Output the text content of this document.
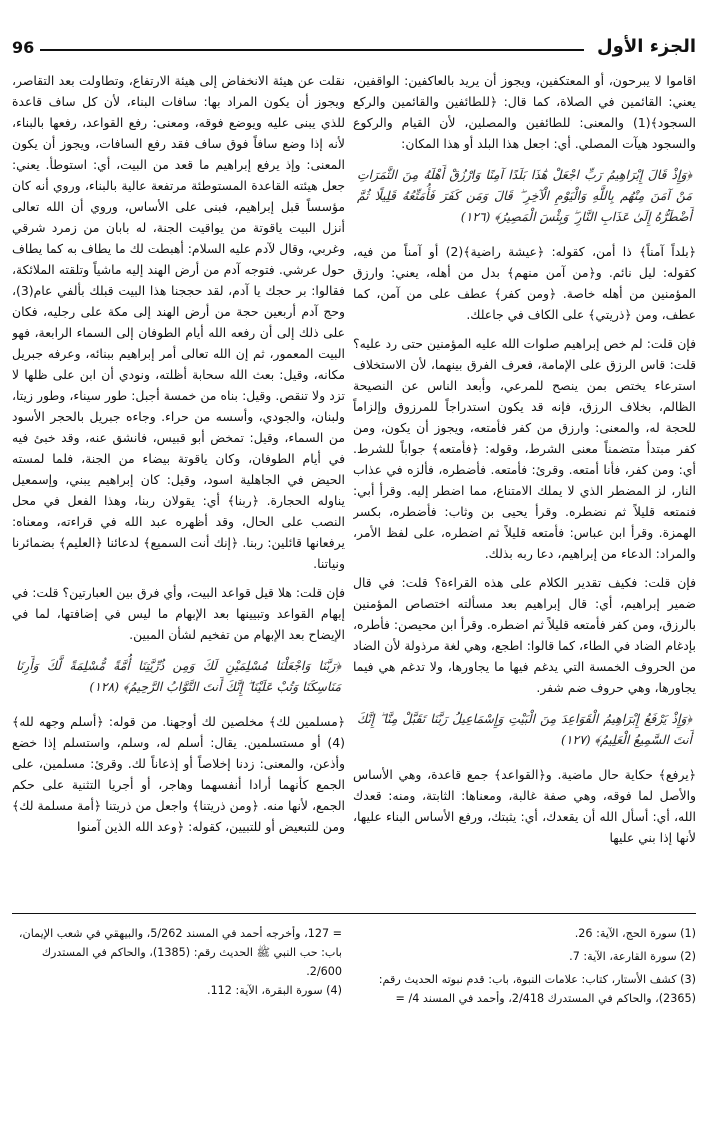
96	الجزء الأول

اقاموا لا يبرحون، أو المعتكفين، ويجوز أن يريد بالعاكفين: الواقفين، يعني: القائمين في الصلاة، كما قال: ﴿للطائفين والقائمين والركع السجود﴾(1) والمعنى: للطائفين والمصلين، لأن القيام والركوع والسجود هيآت المصلي. أي: اجعل هذا البلد أو هذا المكان:

﴿وَإِذْ قَالَ إِبْرَاهِيمُ رَبِّ اجْعَلْ هَٰذَا بَلَدًا آمِنًا وَارْزُقْ أَهْلَهُ مِنَ الثَّمَرَاتِ مَنْ آمَنَ مِنْهُم بِاللَّهِ وَالْيَوْمِ الْآخِرِ ۖ قَالَ وَمَن كَفَرَ فَأُمَتِّعُهُ قَلِيلًا ثُمَّ أَضْطَرُّهُ إِلَىٰ عَذَابِ النَّارِ ۖ وَبِئْسَ الْمَصِيرُ﴾ (١٢٦)

﴿بلداً آمناً﴾ ذا أمن، كقوله: ﴿عيشة راضية﴾(2) أو آمناً من فيه، كقوله: ليل نائم. و﴿من آمن منهم﴾ بدل من أهله، يعني: وارزق المؤمنين من أهله خاصة. ﴿ومن كفر﴾ عطف على من آمن، كما عطف، ومن ﴿ذريتي﴾ على الكاف في جاعلك.

فإن قلت: لم خص إبراهيم صلوات الله عليه المؤمنين حتى رد عليه؟ قلت: قاس الرزق على الإمامة، فعرف الفرق بينهما، لأن الاستخلاف استرعاء يختص بمن ينصح للمرعي، وأبعد الناس عن النصيحة الظالم، بخلاف الرزق، فإنه قد يكون استدراجاً للمرزوق وإلزاماً للحجة له، والمعنى: وارزق من كفر فأمتعه، ويجوز أن يكون، ومن كفر مبتدأ متضمناً معنى الشرط، وقوله: ﴿فأمتعه﴾ جواباً للشرط. أي: ومن كفر، فأنا أمتعه. وقرئ: فأمتعه. فأضطره، فألزه في عذاب النار، لز المضطر الذي لا يملك الامتناع، مما اضطر إليه. وقرأ أبي: فنمتعه قليلاً ثم نضطره. وقرأ يحيى بن وثاب: فأضطره، بكسر الهمزة. وقرأ ابن عباس: فأمتعه قليلاً ثم اضطره، على لفظ الأمر، والمراد: الدعاء من إبراهيم، دعا ربه بذلك.

فإن قلت: فكيف تقدير الكلام على هذه القراءة؟ قلت: في قال ضمير إبراهيم، أي: قال إبراهيم بعد مسألته اختصاص المؤمنين بالرزق، ومن كفر فأمتعه قليلاً ثم اضطره. وقرأ ابن محيصن: فأطره، بإدغام الضاد في الطاء، كما قالوا: اطجع، وهي لغة مرذولة لأن الضاد من الحروف الخمسة التي يدغم فيها ما يجاورها، ولا تدغم هي فيما يجاورها، وهي حروف ضم شفر.

﴿وَإِذْ يَرْفَعُ إِبْرَاهِيمُ الْقَوَاعِدَ مِنَ الْبَيْتِ وَإِسْمَاعِيلُ رَبَّنَا تَقَبَّلْ مِنَّا ۖ إِنَّكَ أَنتَ السَّمِيعُ الْعَلِيمُ﴾ (١٢٧)

﴿يرفع﴾ حكاية حال ماضية. و﴿القواعد﴾ جمع قاعدة، وهي الأساس والأصل لما فوقه، وهي صفة غالبة، ومعناها: الثابتة، ومنه: قعدك الله، أي: أسأل الله أن يقعدك، أي: يثبتك، ورفع الأساس البناء عليها، لأنها إذا بني عليها

نقلت عن هيئة الانخفاض إلى هيئة الارتفاع، وتطاولت بعد التقاصر، ويجوز أن يكون المراد بها: سافات البناء، لأن كل ساف قاعدة للذي يبنى عليه ويوضع فوقه، ومعنى: رفع القواعد، رفعها بالبناء، لأنه إذا وضع سافاً فوق ساف فقد رفع السافات، ويجوز أن يكون المعنى: وإذ يرفع إبراهيم ما قعد من البيت، أي: استوطأ. يعني: جعل هيئته القاعدة المستوطئة مرتفعة عالية بالبناء، وروي أنه كان مؤسساً قبل إبراهيم، فبنى على الأساس، وروي أن الله تعالى أنزل البيت ياقوتة من يواقيت الجنة، له بابان من زمرد شرقي وغربي، وقال لآدم عليه السلام: أهبطت لك ما يطاف به كما يطاف حول عرشي. فتوجه آدم من أرض الهند إليه ماشياً وتلقته الملائكة، فقالوا: بر حجك يا آدم، لقد حججنا هذا البيت قبلك بألفي عام(3)، وحج آدم أربعين حجة من أرض الهند إلى مكة على رجليه، فكان على ذلك إلى أن رفعه الله أيام الطوفان إلى السماء الرابعة، فهو البيت المعمور، ثم إن الله تعالى أمر إبراهيم ببنائه، وعرفه جبريل مكانه، وقيل: بعث الله سحابة أظلته، ونودي أن ابن على ظلها لا تزد ولا تنقص. وقيل: بناه من خمسة أجبل: طور سيناء، وطور زيتا، ولبنان، والجودي، وأسسه من حراء. وجاءه جبريل بالحجر الأسود من السماء، وقيل: تمخض أبو قبيس، فانشق عنه، وقد خبئ فيه في أيام الطوفان، وكان ياقوتة بيضاء من الجنة، فلما لمسته الحيض في الجاهلية اسود، وقيل: كان إبراهيم يبني، وإسمعيل يناوله الحجارة. ﴿ربنا﴾ أي: يقولان ربنا، وهذا الفعل في محل النصب على الحال، وقد أظهره عبد الله في قراءته، ومعناه: يرفعانها قائلين: ربنا. ﴿إنك أنت السميع﴾ لدعائنا ﴿العليم﴾ بضمائرنا ونياتنا.

فإن قلت: هلا قيل قواعد البيت، وأي فرق بين العبارتين؟ قلت: في إبهام القواعد وتبيينها بعد الإبهام ما ليس في إضافتها، لما في الإيضاح بعد الإبهام من تفخيم لشأن المبين.

﴿رَبَّنَا وَاجْعَلْنَا مُسْلِمَيْنِ لَكَ وَمِن ذُرِّيَّتِنَا أُمَّةً مُّسْلِمَةً لَّكَ وَأَرِنَا مَنَاسِكَنَا وَتُبْ عَلَيْنَا ۖ إِنَّكَ أَنتَ التَّوَّابُ الرَّحِيمُ﴾ (١٢٨)

﴿مسلمين لك﴾ مخلصين لك أوجهنا. من قوله: ﴿أسلم وجهه لله﴾(4) أو مستسلمين. يقال: أسلم له، وسلم، واستسلم إذا خضع وأذعن، والمعنى: زدنا إخلاصاً أو إذعاناً لك. وقرئ: مسلمين، على الجمع كأنهما أرادا أنفسهما وهاجر، أو أجريا التثنية على حكم الجمع، لأنها منه. ﴿ومن ذريتنا﴾ واجعل من ذريتنا ﴿أمة مسلمة لك﴾ ومن للتبعيض أو للتبيين، كقوله: ﴿وعد الله الذين آمنوا

(1) سورة الحج، الآية: 26.

(2) سورة القارعة، الآية: 7.

(3) كشف الأستار، كتاب: علامات النبوة، باب: قدم نبوته الحديث رقم: (2365)، والحاكم في المستدرك 2/418، وأحمد في المسند 4/ =

= 127، وأخرجه أحمد في المسند 5/262، والبيهقي في شعب الإيمان، باب: حب النبي ﷺ الحديث رقم: (1385)، والحاكم في المستدرك 2/600.

(4) سورة البقرة، الآية: 112.
